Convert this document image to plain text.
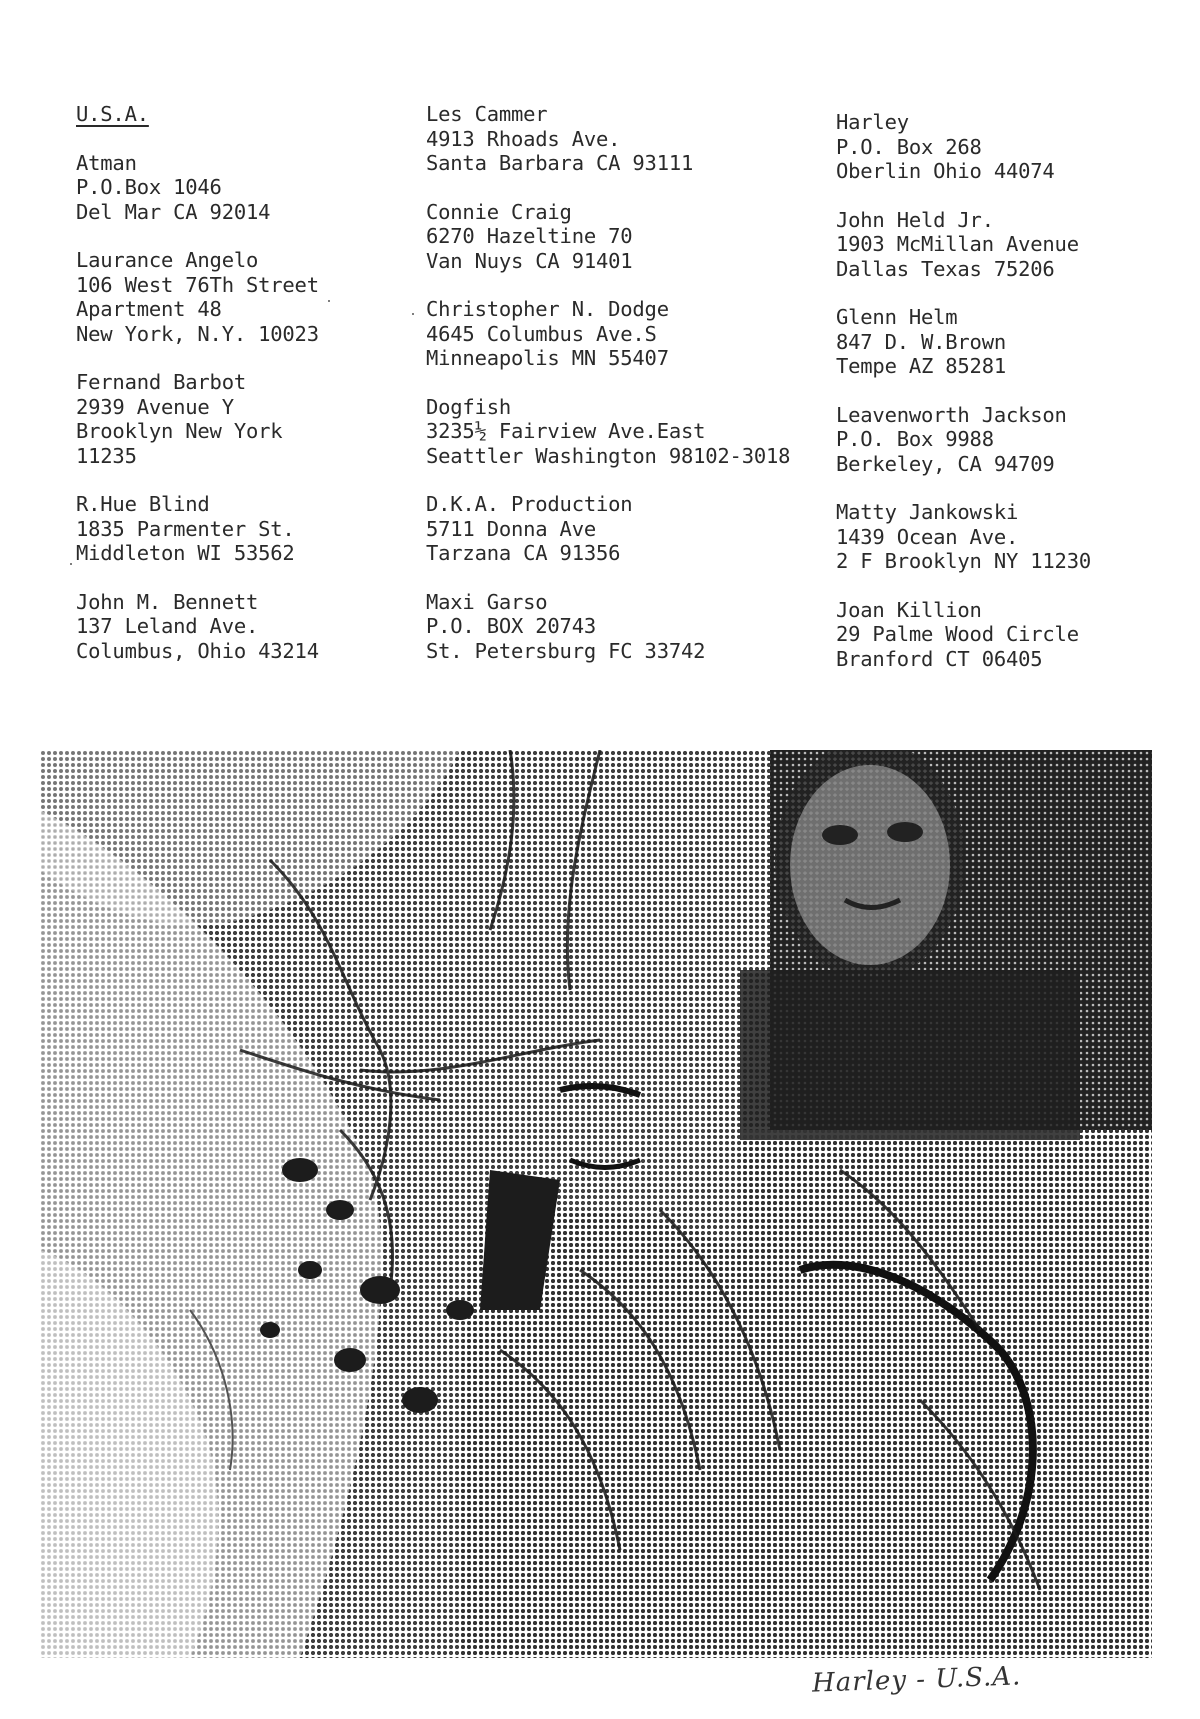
U.S.A.
Atman
P.O.Box 1046
Del Mar CA 92014
Laurance Angelo
106 West 76Th Street
Apartment 48
New York, N.Y. 10023
Fernand Barbot
2939 Avenue Y
Brooklyn New York
11235
R.Hue Blind
1835 Parmenter St.
Middleton WI 53562
John M. Bennett
137 Leland Ave.
Columbus, Ohio 43214
Les Cammer
4913 Rhoads Ave.
Santa Barbara CA 93111
Connie Craig
6270 Hazeltine 70
Van Nuys CA 91401
Christopher N. Dodge
4645 Columbus Ave.S
Minneapolis MN 55407
Dogfish
3235½ Fairview Ave.East
Seattler Washington 98102-3018
D.K.A. Production
5711 Donna Ave
Tarzana CA 91356
Maxi Garso
P.O. BOX 20743
St. Petersburg FC 33742
Harley
P.O. Box 268
Oberlin Ohio 44074
John Held Jr.
1903 McMillan Avenue
Dallas Texas 75206
Glenn Helm
847 D. W.Brown
Tempe AZ 85281
Leavenworth Jackson
P.O. Box 9988
Berkeley, CA 94709
Matty Jankowski
1439 Ocean Ave.
2 F Brooklyn NY 11230
Joan Killion
29 Palme Wood Circle
Branford CT 06405
Harley - U.S.A.
